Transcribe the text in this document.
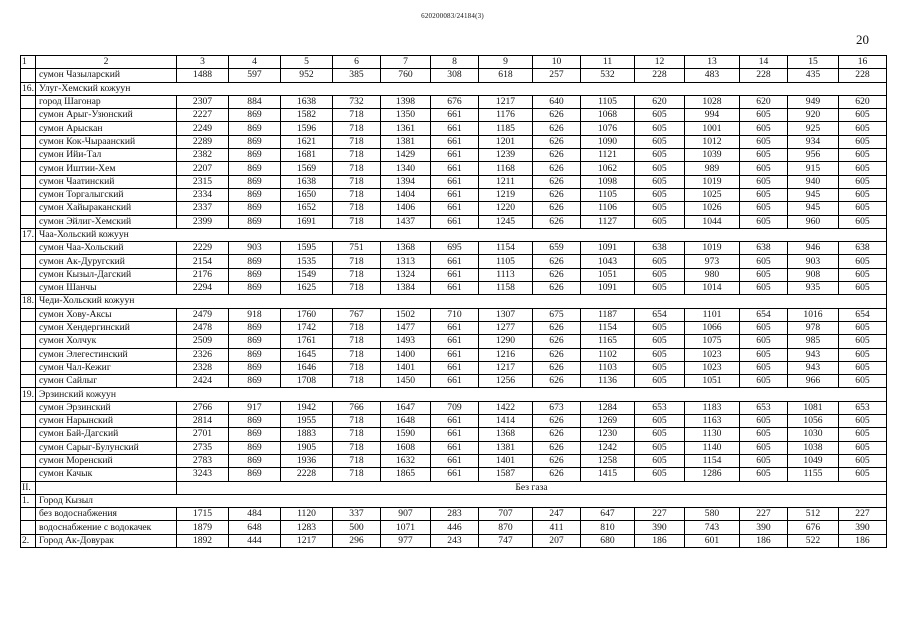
620200083/24184(3)
20
1	2	3	4	5	6	7	8	9	10	11	12	13	14	15	16
	сумон Чазыларский	1488	597	952	385	760	308	618	257	532	228	483	228	435	228
16.	Улуг-Хемский кожуун														
	город Шагонар	2307	884	1638	732	1398	676	1217	640	1105	620	1028	620	949	620
	сумон Арыг-Узюнский	2227	869	1582	718	1350	661	1176	626	1068	605	994	605	920	605
	сумон Арыскан	2249	869	1596	718	1361	661	1185	626	1076	605	1001	605	925	605
	сумон Кок-Чыраанский	2289	869	1621	718	1381	661	1201	626	1090	605	1012	605	934	605
	сумон Ийи-Тал	2382	869	1681	718	1429	661	1239	626	1121	605	1039	605	956	605
	сумон Иштии-Хем	2207	869	1569	718	1340	661	1168	626	1062	605	989	605	915	605
	сумон Чаатинский	2315	869	1638	718	1394	661	1211	626	1098	605	1019	605	940	605
	сумон Торгалыгский	2334	869	1650	718	1404	661	1219	626	1105	605	1025	605	945	605
	сумон Хайыраканский	2337	869	1652	718	1406	661	1220	626	1106	605	1026	605	945	605
	сумон Эйлиг-Хемский	2399	869	1691	718	1437	661	1245	626	1127	605	1044	605	960	605
17.	Чаа-Хольский кожуун														
	сумон Чаа-Хольский	2229	903	1595	751	1368	695	1154	659	1091	638	1019	638	946	638
	сумон Ак-Дуругский	2154	869	1535	718	1313	661	1105	626	1043	605	973	605	903	605
	сумон Кызыл-Дагский	2176	869	1549	718	1324	661	1113	626	1051	605	980	605	908	605
	сумон Шанчы	2294	869	1625	718	1384	661	1158	626	1091	605	1014	605	935	605
18.	Чеди-Хольский кожуун														
	сумон Хову-Аксы	2479	918	1760	767	1502	710	1307	675	1187	654	1101	654	1016	654
	сумон Хендергинский	2478	869	1742	718	1477	661	1277	626	1154	605	1066	605	978	605
	сумон Холчук	2509	869	1761	718	1493	661	1290	626	1165	605	1075	605	985	605
	сумон Элегестинский	2326	869	1645	718	1400	661	1216	626	1102	605	1023	605	943	605
	сумон Чал-Кежиг	2328	869	1646	718	1401	661	1217	626	1103	605	1023	605	943	605
	сумон Сайлыг	2424	869	1708	718	1450	661	1256	626	1136	605	1051	605	966	605
19.	Эрзинский кожуун														
	сумон Эрзинский	2766	917	1942	766	1647	709	1422	673	1284	653	1183	653	1081	653
	сумон Нарынский	2814	869	1955	718	1648	661	1414	626	1269	605	1163	605	1056	605
	сумон Бай-Дагский	2701	869	1883	718	1590	661	1368	626	1230	605	1130	605	1030	605
	сумон Сарыг-Булунский	2735	869	1905	718	1608	661	1381	626	1242	605	1140	605	1038	605
	сумон Моренский	2783	869	1936	718	1632	661	1401	626	1258	605	1154	605	1049	605
	сумон Качык	3243	869	2228	718	1865	661	1587	626	1415	605	1286	605	1155	605
II.		Без газа													
1.	Город Кызыл														
	без водоснабжения	1715	484	1120	337	907	283	707	247	647	227	580	227	512	227
	водоснабжение с водокачек	1879	648	1283	500	1071	446	870	411	810	390	743	390	676	390
2.	Город Ак-Довурак	1892	444	1217	296	977	243	747	207	680	186	601	186	522	186
